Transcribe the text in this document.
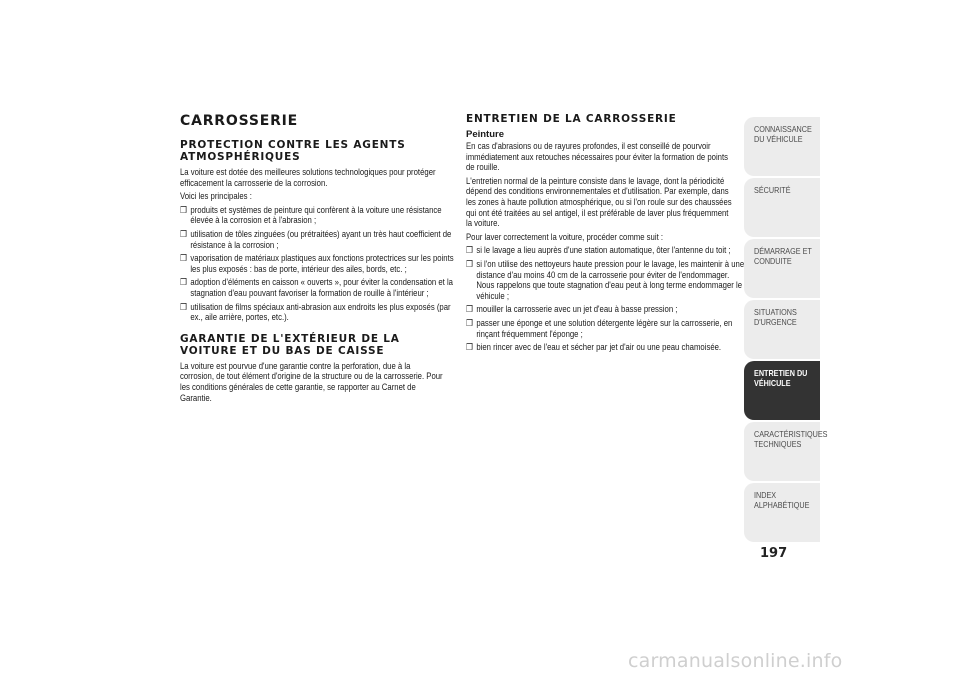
CARROSSERIE
PROTECTION CONTRE LES AGENTS ATMOSPHÉRIQUES

La voiture est dotée des meilleures solutions technologiques pour protéger efficacement la carrosserie de la corrosion.

Voici les principales :

❒ produits et systèmes de peinture qui confèrent à la voiture une résistance élevée à la corrosion et à l'abrasion ;
❒ utilisation de tôles zinguées (ou prétraitées) ayant un très haut coefficient de résistance à la corrosion ;
❒ vaporisation de matériaux plastiques aux fonctions protectrices sur les points les plus exposés : bas de porte, intérieur des ailes, bords, etc. ;
❒ adoption d'éléments en caisson « ouverts », pour éviter la condensation et la stagnation d'eau pouvant favoriser la formation de rouille à l'intérieur ;
❒ utilisation de films spéciaux anti-abrasion aux endroits les plus exposés (par ex., aile arrière, portes, etc.).
GARANTIE DE L'EXTÉRIEUR DE LA VOITURE ET DU BAS DE CAISSE

La voiture est pourvue d'une garantie contre la perforation, due à la corrosion, de tout élément d'origine de la structure ou de la carrosserie. Pour les conditions générales de cette garantie, se rapporter au Carnet de Garantie.

ENTRETIEN DE LA CARROSSERIE
Peinture

En cas d'abrasions ou de rayures profondes, il est conseillé de pourvoir immédiatement aux retouches nécessaires pour éviter la formation de points de rouille.

L'entretien normal de la peinture consiste dans le lavage, dont la périodicité dépend des conditions environnementales et d'utilisation. Par exemple, dans les zones à haute pollution atmosphérique, ou si l'on roule sur des chaussées qui ont été traitées au sel antigel, il est préférable de laver plus fréquemment la voiture.

Pour laver correctement la voiture, procéder comme suit :

❒ si le lavage a lieu auprès d'une station automatique, ôter l'antenne du toit ;
❒ si l'on utilise des nettoyeurs haute pression pour le lavage, les maintenir à une distance d'au moins 40 cm de la carrosserie pour éviter de l'endommager. Nous rappelons que toute stagnation d'eau peut à long terme endommager le véhicule ;
❒ mouiller la carrosserie avec un jet d'eau à basse pression ;
❒ passer une éponge et une solution détergente légère sur la carrosserie, en rinçant fréquemment l'éponge ;
❒ bien rincer avec de l'eau et sécher par jet d'air ou une peau chamoisée.
CONNAISSANCE DU VÉHICULE
SÉCURITÉ
DÉMARRAGE ET CONDUITE
SITUATIONS D'URGENCE
ENTRETIEN DU VÉHICULE
CARACTÉRISTIQUES TECHNIQUES
INDEX ALPHABÉTIQUE
197
carmanualsonline.info
